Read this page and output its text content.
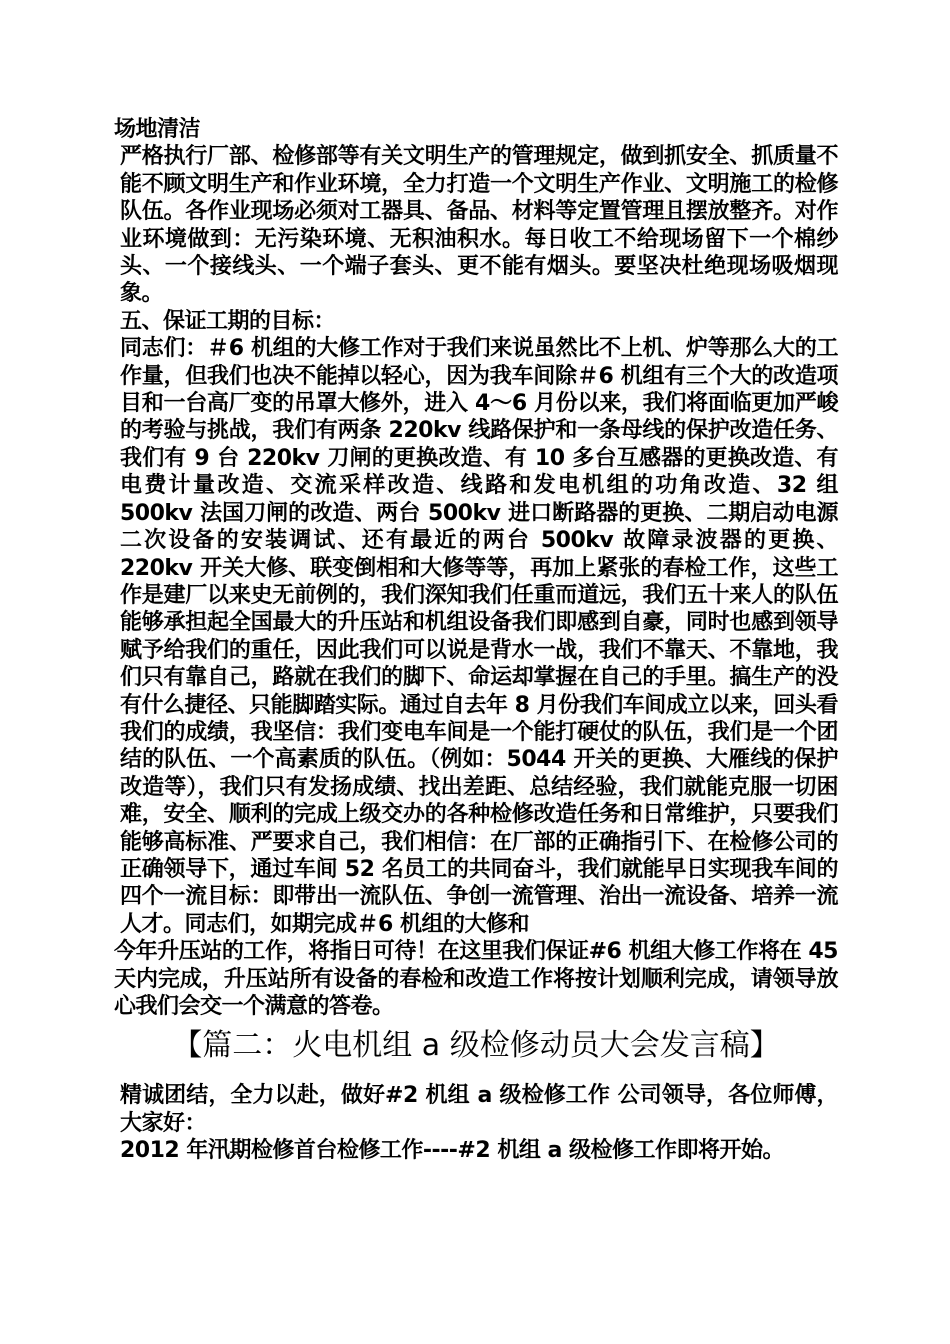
场地清洁

严格执行厂部、检修部等有关文明生产的管理规定，做到抓安全、抓质量不能不顾文明生产和作业环境，全力打造一个文明生产作业、文明施工的检修队伍。各作业现场必须对工器具、备品、材料等定置管理且摆放整齐。对作业环境做到：无污染环境、无积油积水。每日收工不给现场留下一个棉纱头、一个接线头、一个端子套头、更不能有烟头。要坚决杜绝现场吸烟现象。

五、保证工期的目标：

同志们：＃6 机组的大修工作对于我们来说虽然比不上机、炉等那么大的工作量，但我们也决不能掉以轻心，因为我车间除＃6 机组有三个大的改造项目和一台高厂变的吊罩大修外，进入 4～6 月份以来，我们将面临更加严峻的考验与挑战，我们有两条 220kv 线路保护和一条母线的保护改造任务、我们有 9 台 220kv 刀闸的更换改造、有 10 多台互感器的更换改造、有电费计量改造、交流采样改造、线路和发电机组的功角改造、32 组 500kv 法国刀闸的改造、两台 500kv 进口断路器的更换、二期启动电源二次设备的安装调试、还有最近的两台 500kv 故障录波器的更换、220kv 开关大修、联变倒相和大修等等，再加上紧张的春检工作，这些工作是建厂以来史无前例的，我们深知我们任重而道远，我们五十来人的队伍能够承担起全国最大的升压站和机组设备我们即感到自豪，同时也感到领导赋予给我们的重任，因此我们可以说是背水一战，我们不靠天、不靠地，我们只有靠自己，路就在我们的脚下、命运却掌握在自己的手里。搞生产的没有什么捷径、只能脚踏实际。通过自去年 8 月份我们车间成立以来，回头看我们的成绩，我坚信：我们变电车间是一个能打硬仗的队伍，我们是一个团结的队伍、一个高素质的队伍。（例如：5044 开关的更换、大雁线的保护改造等），我们只有发扬成绩、找出差距、总结经验，我们就能克服一切困难，安全、顺利的完成上级交办的各种检修改造任务和日常维护，只要我们能够高标准、严要求自己，我们相信：在厂部的正确指引下、在检修公司的正确领导下，通过车间 52 名员工的共同奋斗，我们就能早日实现我车间的四个一流目标：即带出一流队伍、争创一流管理、治出一流设备、培养一流人才。同志们，如期完成＃6 机组的大修和

今年升压站的工作，将指日可待！在这里我们保证#6 机组大修工作将在 45 天内完成，升压站所有设备的春检和改造工作将按计划顺利完成，请领导放心我们会交一个满意的答卷。

【篇二：火电机组 a 级检修动员大会发言稿】

精诚团结，全力以赴，做好#2 机组 a 级检修工作 公司领导，各位师傅，大家好：

2012 年汛期检修首台检修工作----#2 机组 a 级检修工作即将开始。
